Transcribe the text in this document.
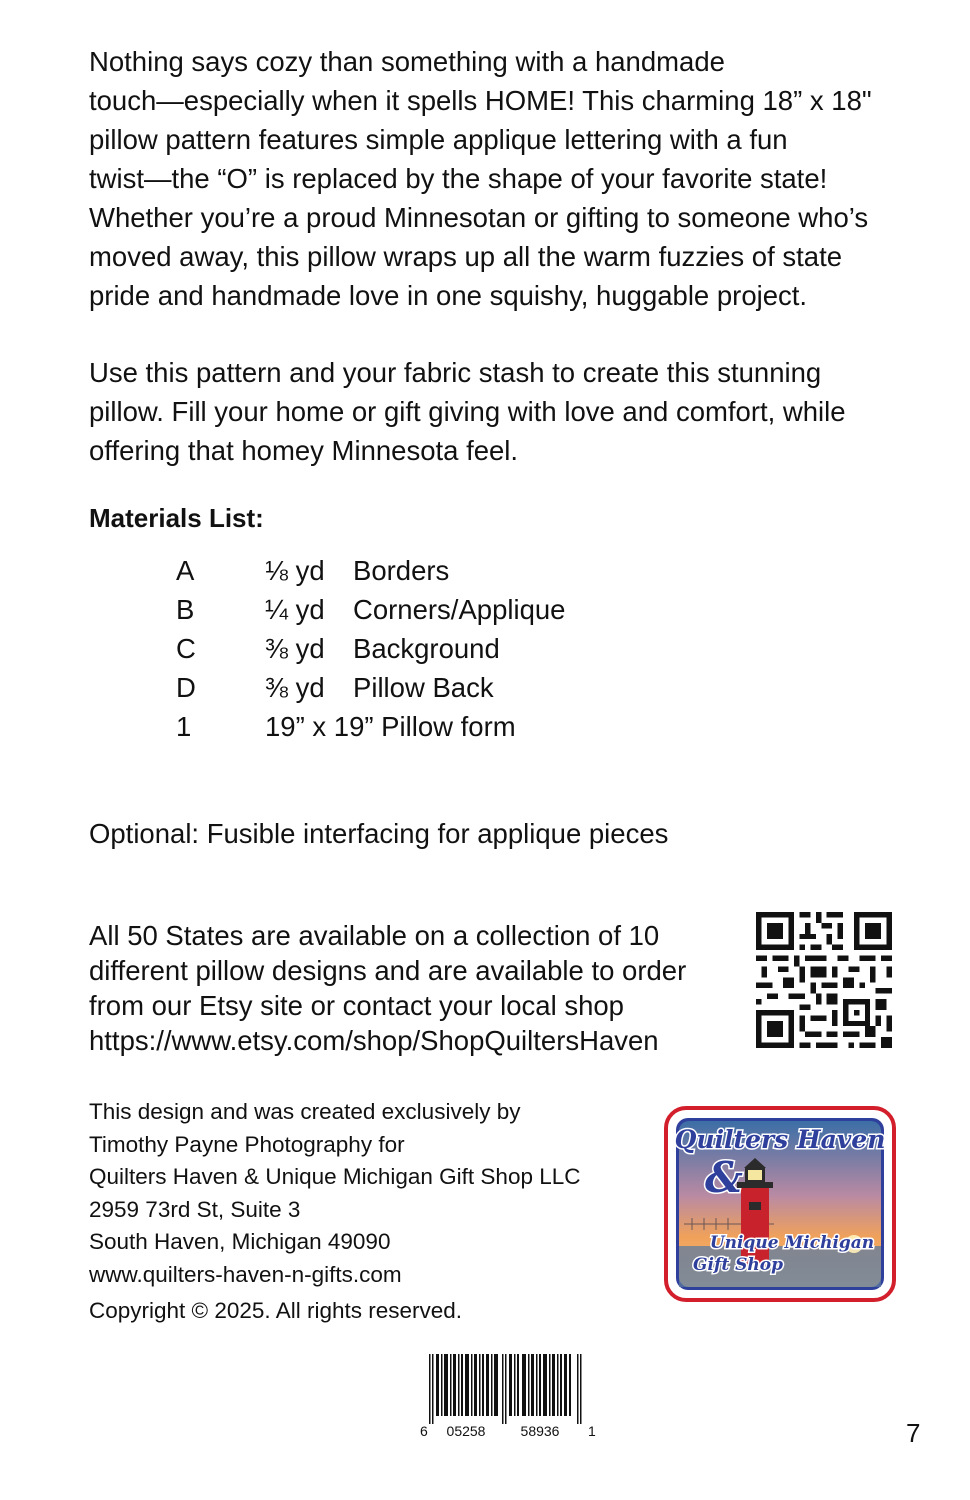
Nothing says cozy than something with a handmade
touch—especially when it spells HOME! This charming 18” x 18"
pillow pattern features simple applique lettering with a fun
twist—the “O” is replaced by the shape of your favorite state!
Whether you’re a proud Minnesotan or gifting to someone who’s
moved away, this pillow wraps up all the warm fuzzies of state
pride and handmade love in one squishy, huggable project.
Use this pattern and your fabric stash to create this stunning
pillow. Fill your home or gift giving with love and comfort, while
offering that homey Minnesota feel.
Materials List:
A	⅛ yd Borders
B	¼ yd Corners/Applique
C	⅜ yd Background
D	⅜ yd Pillow Back
1	19” x 19” Pillow form
Optional: Fusible interfacing for applique pieces
All 50 States are available on a collection of 10
different pillow designs and are available to order
from our Etsy site or contact your local shop
https://www.etsy.com/shop/ShopQuiltersHaven
This design and was created exclusively by
Timothy Payne Photography for
Quilters Haven & Unique Michigan Gift Shop LLC
2959 73rd St, Suite 3
South Haven, Michigan 49090
www.quilters-haven-n-gifts.com
Copyright © 2025. All rights reserved.
Quilters Haven
&
Unique Michigan
Gift Shop
6 05258	58936 1	7
